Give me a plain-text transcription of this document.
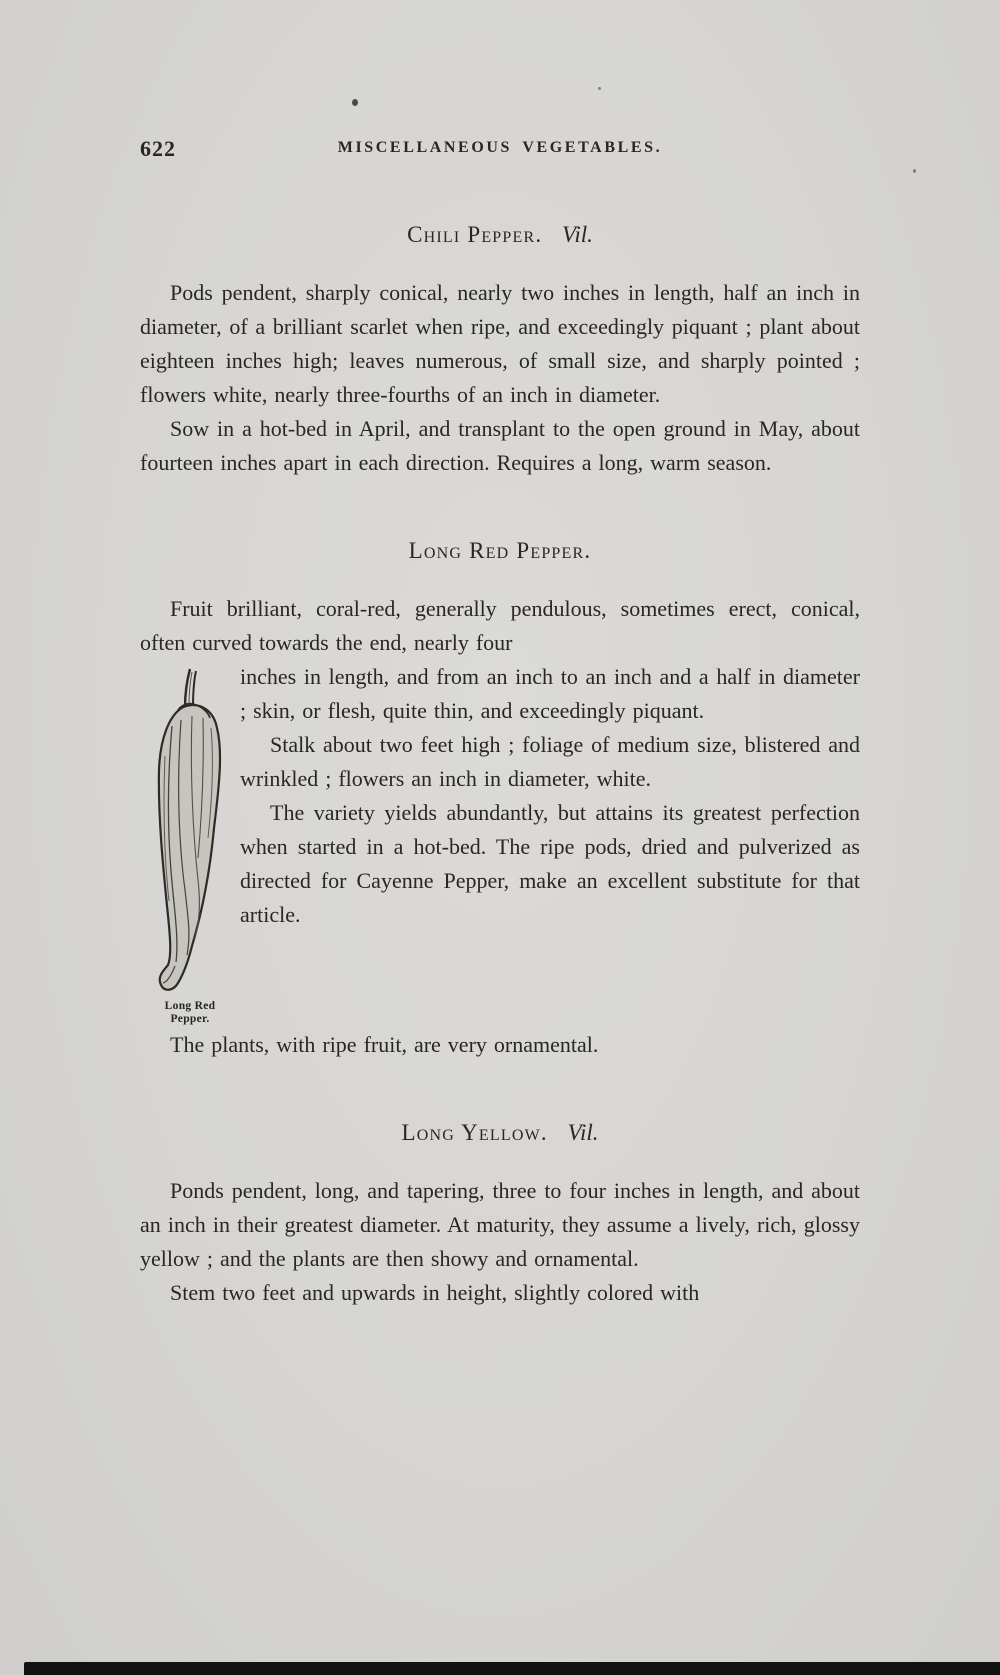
622	MISCELLANEOUS VEGETABLES.
Chili Pepper. Vil.

Pods pendent, sharply conical, nearly two inches in length, half an inch in diameter, of a brilliant scarlet when ripe, and exceedingly piquant ; plant about eighteen inches high; leaves numerous, of small size, and sharply pointed ; flowers white, nearly three-fourths of an inch in diameter.

Sow in a hot-bed in April, and transplant to the open ground in May, about fourteen inches apart in each direction. Requires a long, warm season.

Long Red Pepper.

Fruit brilliant, coral-red, generally pendulous, sometimes erect, conical, often curved towards the end, nearly four

Long Red Pepper.

inches in length, and from an inch to an inch and a half in diameter ; skin, or flesh, quite thin, and exceedingly piquant.

Stalk about two feet high ; foliage of medium size, blistered and wrinkled ; flowers an inch in diameter, white.

The variety yields abundantly, but attains its greatest perfection when started in a hot-bed. The ripe pods, dried and pulverized as directed for Cayenne Pepper, make an excellent substitute for that article.

The plants, with ripe fruit, are very ornamental.

Long Yellow. Vil.

Ponds pendent, long, and tapering, three to four inches in length, and about an inch in their greatest diameter. At maturity, they assume a lively, rich, glossy yellow ; and the plants are then showy and ornamental.

Stem two feet and upwards in height, slightly colored with
